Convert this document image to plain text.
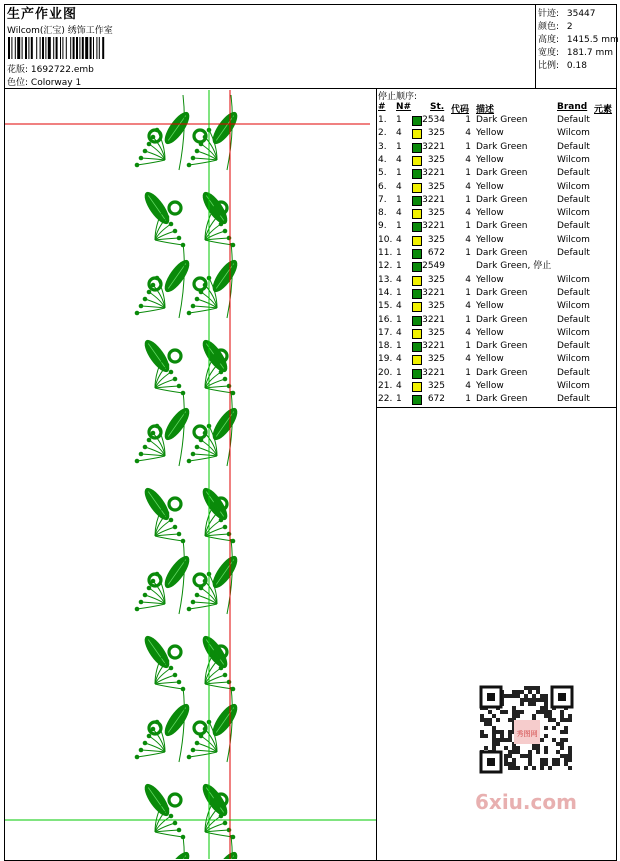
生产作业图
Wilcom(汇宝) 绣饰工作室
花版: 1692722.emb
色位: Colorway 1
针迹: 35447
颜色: 2
高度: 1415.5 mm
宽度: 181.7 mm
比例: 0.18
停止顺序:
# N# St. 代码 描述	Brand 元素
1. 1 2534 1 Dark Green	Default
2. 4	325 4 Yellow	Wilcom
3. 1 3221 1 Dark Green	Default
4. 4	325 4 Yellow	Wilcom
5. 1 3221 1 Dark Green	Default
6. 4	325 4 Yellow	Wilcom
7. 1 3221 1 Dark Green	Default
8. 4	325 4 Yellow	Wilcom
9. 1 3221 1 Dark Green	Default
10. 4	325 4 Yellow	Wilcom
11. 1	672 1 Dark Green	Default
12. 1 2549	Dark Green, 停止
13. 4	325 4 Yellow	Wilcom
14. 1 3221 1 Dark Green	Default
15. 4	325 4 Yellow	Wilcom
16. 1 3221 1 Dark Green	Default
17. 4	325 4 Yellow	Wilcom
18. 1 3221 1 Dark Green	Default
19. 4	325 4 Yellow	Wilcom
20. 1 3221 1 Dark Green	Default
21. 4	325 4 Yellow	Wilcom
22. 1	672 1 Dark Green	Default
秀图网
6xiu.com
